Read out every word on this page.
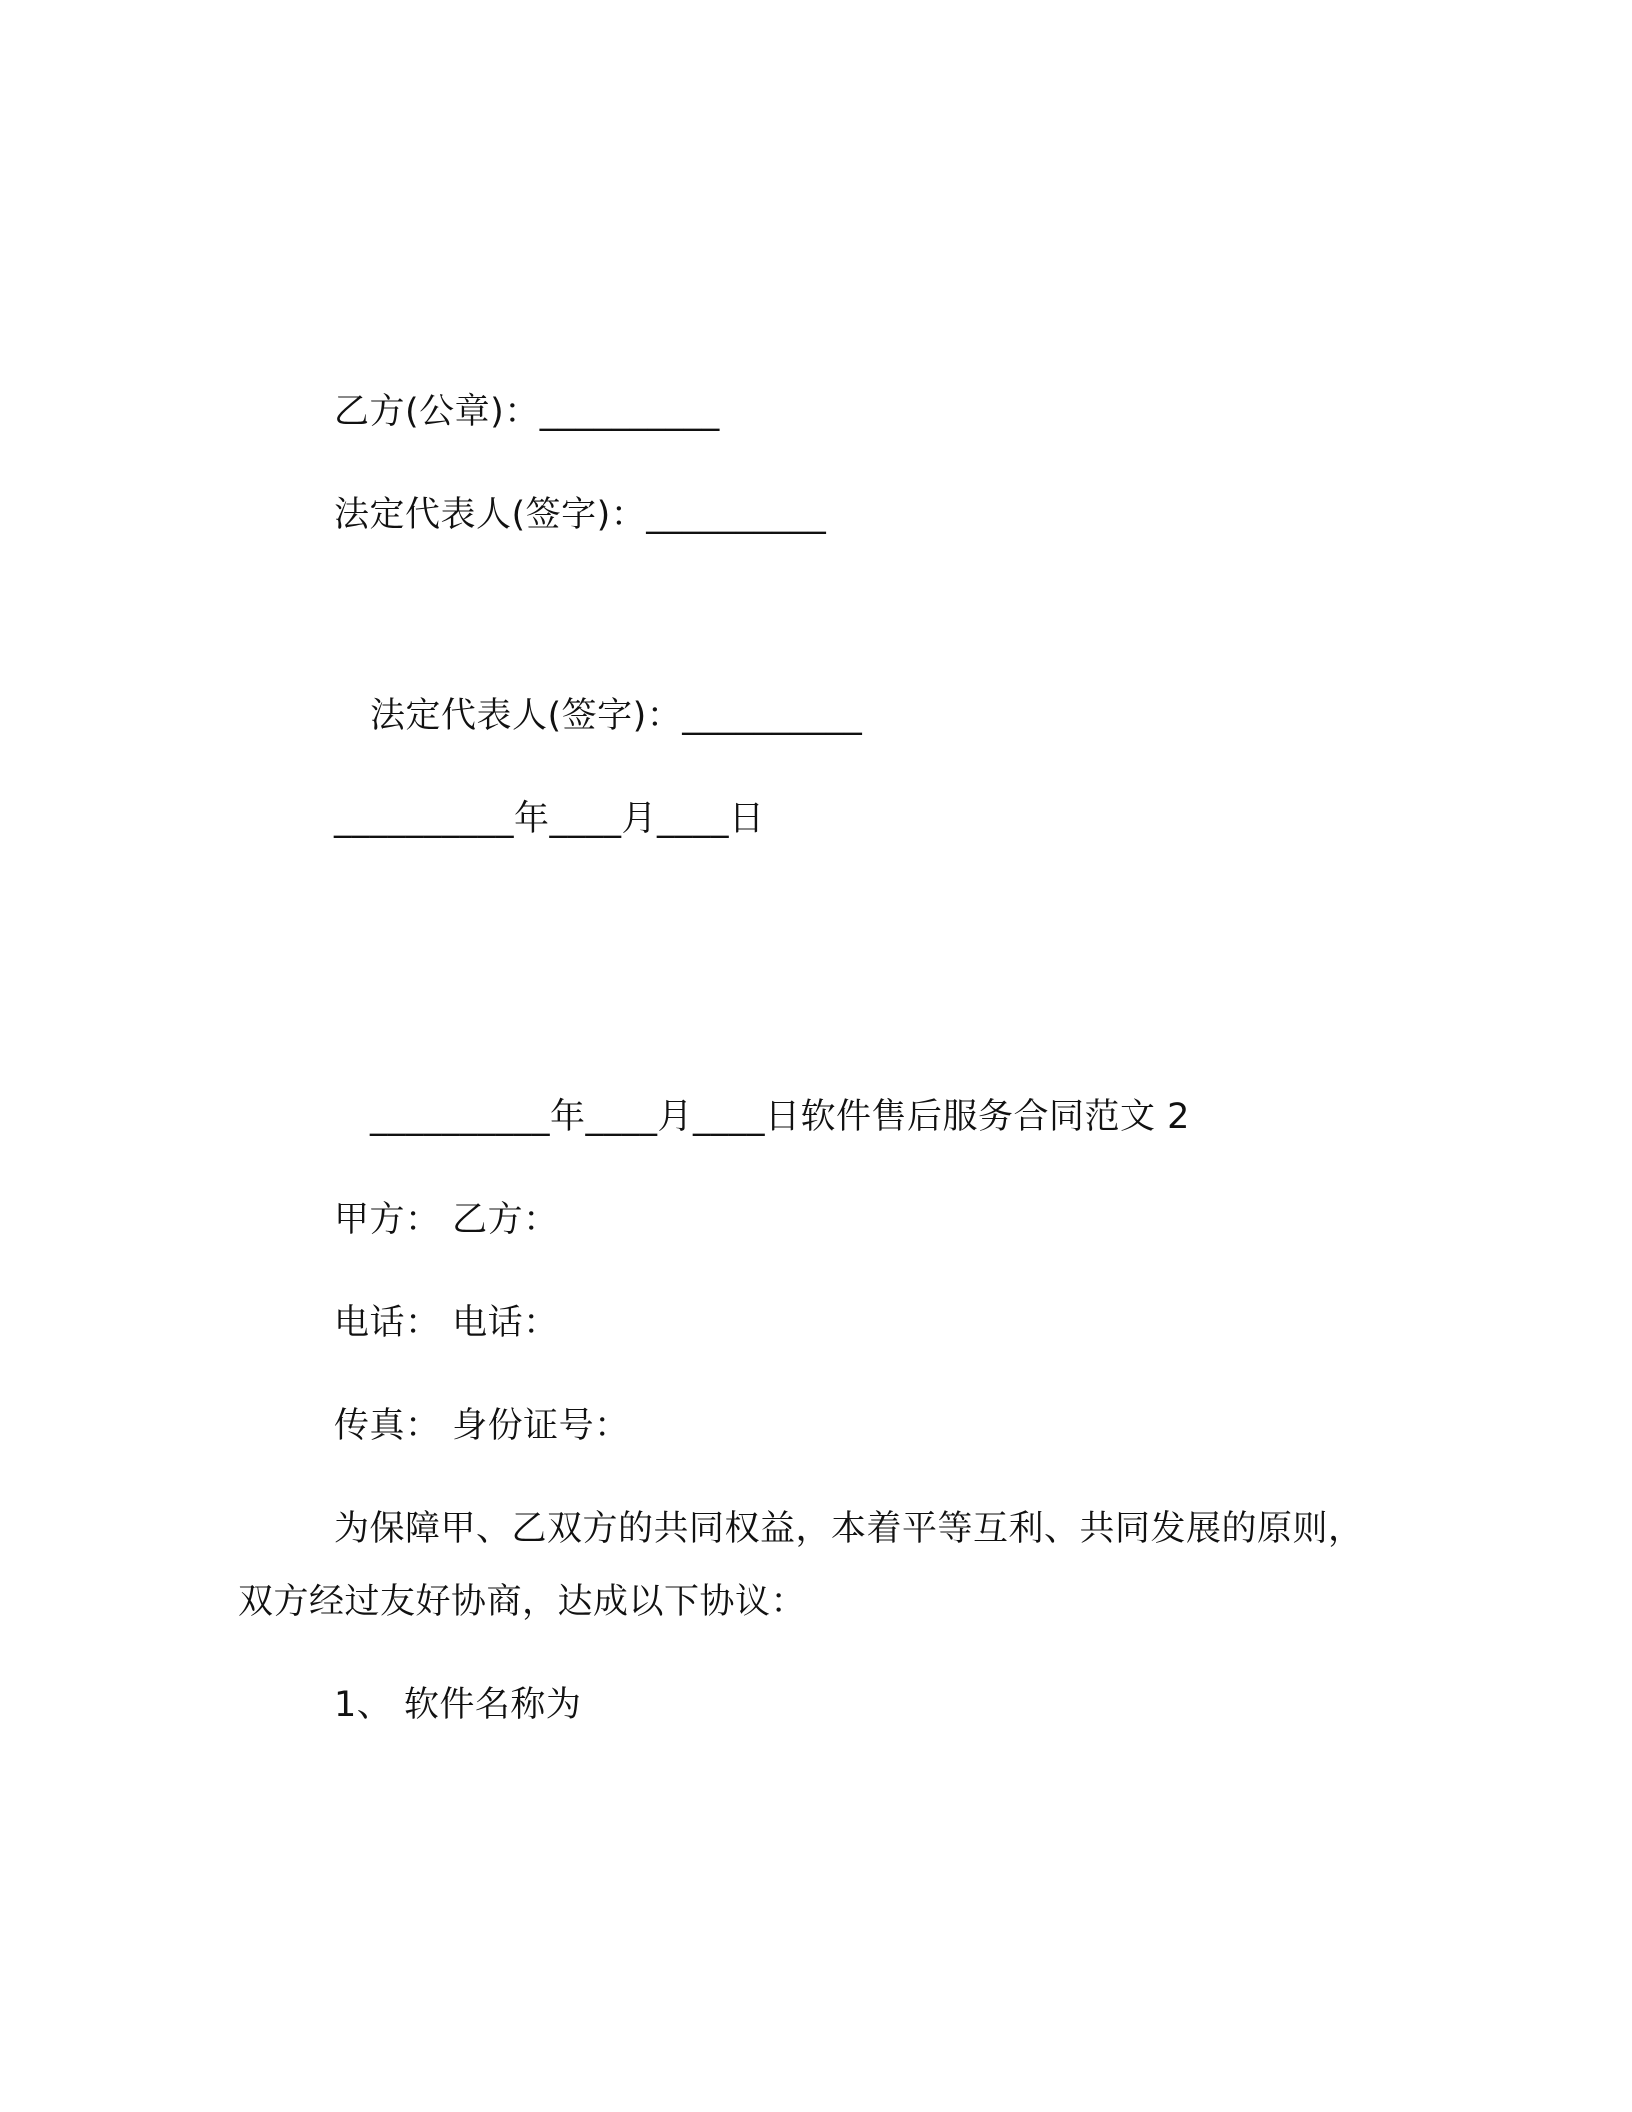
乙方(公章)：__________
法定代表人(签字)：__________
法定代表人(签字)：__________
__________年____月____日
__________年____月____日软件售后服务合同范文 2
甲方： 乙方：
电话： 电话：
传真： 身份证号：
为保障甲、乙双方的共同权益，本着平等互利、共同发展的原则，
双方经过友好协商，达成以下协议：
1、 软件名称为
